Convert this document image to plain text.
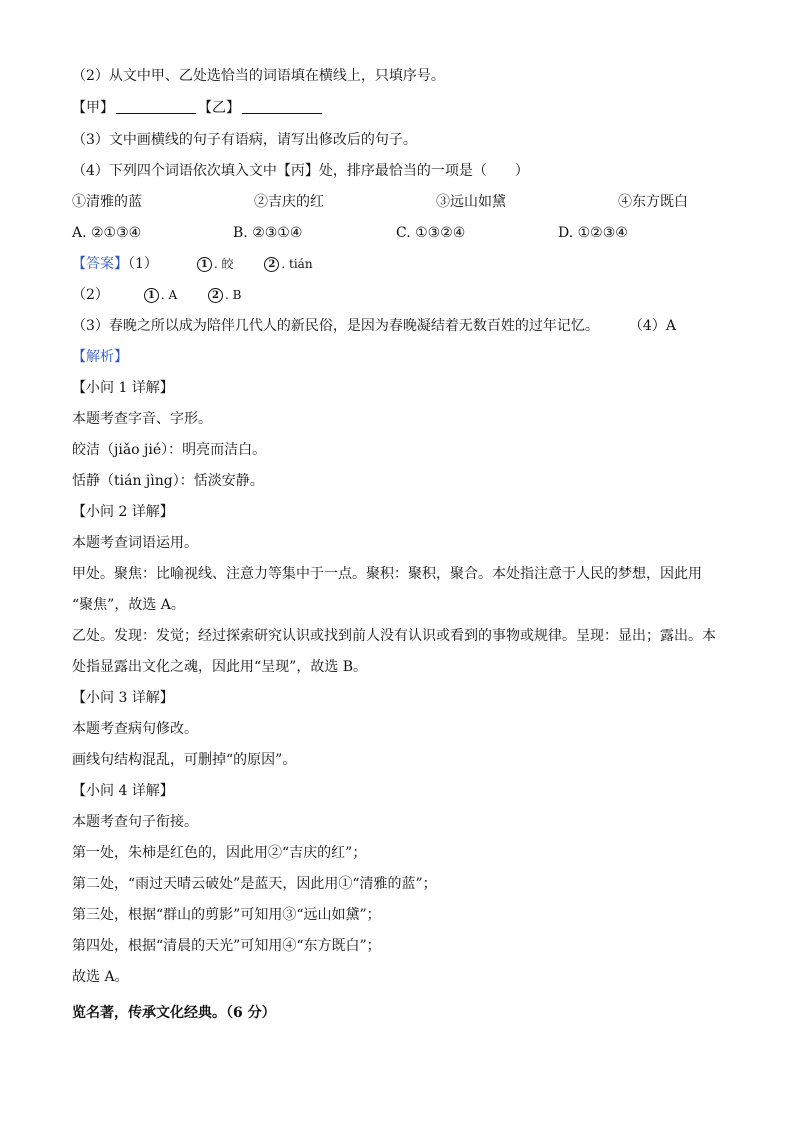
（2）从文中甲、乙处选恰当的词语填在横线上，只填序号。
【甲】	【乙】
（3）文中画横线的句子有语病，请写出修改后的句子。
（4）下列四个词语依次填入文中【丙】处，排序最恰当的一项是（　　）
①清雅的蓝	②吉庆的红	③远山如黛	④东方既白
A. ②①③④	B. ②③①④	C. ①③②④	D. ①②③④
【答案】（1）	1 . 皎	2 . tián
（2）	1 . A	2 . B
（3）春晚之所以成为陪伴几代人的新民俗，是因为春晚凝结着无数百姓的过年记忆。 （4）A
【解析】
【小问 1 详解】
本题考查字音、字形。
皎洁（jiǎo jié）：明亮而洁白。
恬静（tián jìng）：恬淡安静。
【小问 2 详解】
本题考查词语运用。
甲处。聚焦：比喻视线、注意力等集中于一点。聚积：聚积，聚合。本处指注意于人民的梦想，因此用
“聚焦”，故选 A。
乙处。发现：发觉；经过探索研究认识或找到前人没有认识或看到的事物或规律。呈现：显出；露出。本
处指显露出文化之魂，因此用“呈现”，故选 B。
【小问 3 详解】
本题考查病句修改。
画线句结构混乱，可删掉“的原因”。
【小问 4 详解】
本题考查句子衔接。
第一处，朱柿是红色的，因此用②“吉庆的红”；
第二处，“雨过天晴云破处”是蓝天，因此用①“清雅的蓝”；
第三处，根据“群山的剪影”可知用③“远山如黛”；
第四处，根据“清晨的天光”可知用④“东方既白”；
故选 A。
览名著，传承文化经典。（6 分）
